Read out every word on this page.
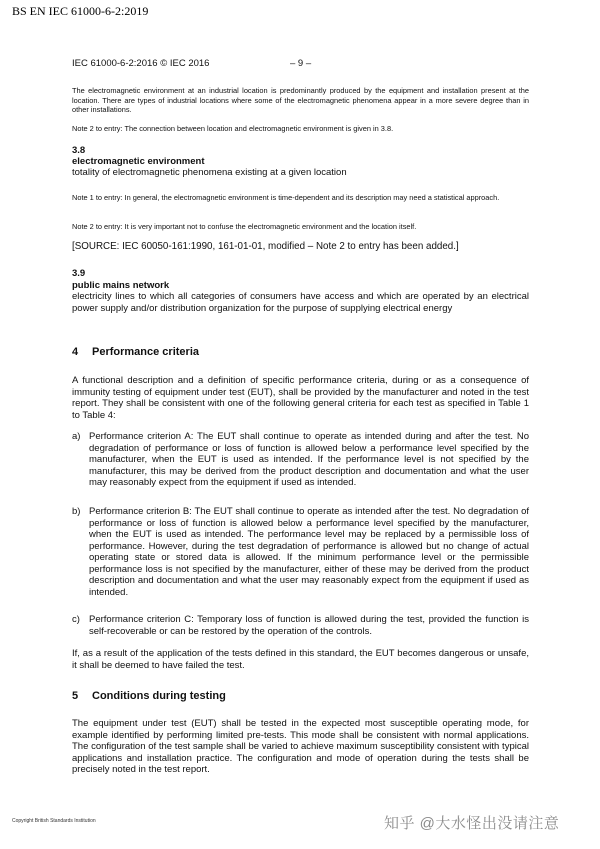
BS EN IEC 61000-6-2:2019
IEC 61000-6-2:2016 © IEC 2016	– 9 –
The electromagnetic environment at an industrial location is predominantly produced by the equipment and installation present at the location. There are types of industrial locations where some of the electromagnetic phenomena appear in a more severe degree than in other installations.
Note 2 to entry: The connection between location and electromagnetic environment is given in 3.8.
3.8
electromagnetic environment
totality of electromagnetic phenomena existing at a given location
Note 1 to entry: In general, the electromagnetic environment is time-dependent and its description may need a statistical approach.
Note 2 to entry: It is very important not to confuse the electromagnetic environment and the location itself.
[SOURCE: IEC 60050-161:1990, 161-01-01, modified – Note 2 to entry has been added.]
3.9
public mains network
electricity lines to which all categories of consumers have access and which are operated by an electrical power supply and/or distribution organization for the purpose of supplying electrical energy
4 Performance criteria
A functional description and a definition of specific performance criteria, during or as a consequence of immunity testing of equipment under test (EUT), shall be provided by the manufacturer and noted in the test report. They shall be consistent with one of the following general criteria for each test as specified in Table 1 to Table 4:
a) Performance criterion A: The EUT shall continue to operate as intended during and after the test. No degradation of performance or loss of function is allowed below a performance level specified by the manufacturer, when the EUT is used as intended. If the performance level is not specified by the manufacturer, this may be derived from the product description and documentation and what the user may reasonably expect from the equipment if used as intended.
b) Performance criterion B: The EUT shall continue to operate as intended after the test. No degradation of performance or loss of function is allowed below a performance level specified by the manufacturer, when the EUT is used as intended. The performance level may be replaced by a permissible loss of performance. However, during the test degradation of performance is allowed but no change of actual operating state or stored data is allowed. If the minimum performance level or the permissible performance loss is not specified by the manufacturer, either of these may be derived from the product description and documentation and what the user may reasonably expect from the equipment if used as intended.
c) Performance criterion C: Temporary loss of function is allowed during the test, provided the function is self-recoverable or can be restored by the operation of the controls.
If, as a result of the application of the tests defined in this standard, the EUT becomes dangerous or unsafe, it shall be deemed to have failed the test.
5 Conditions during testing
The equipment under test (EUT) shall be tested in the expected most susceptible operating mode, for example identified by performing limited pre-tests. This mode shall be consistent with normal applications. The configuration of the test sample shall be varied to achieve maximum susceptibility consistent with typical applications and installation practice. The configuration and mode of operation during the tests shall be precisely noted in the test report.
Copyright British Standards Institution	知乎 @大水怪出没请注意
